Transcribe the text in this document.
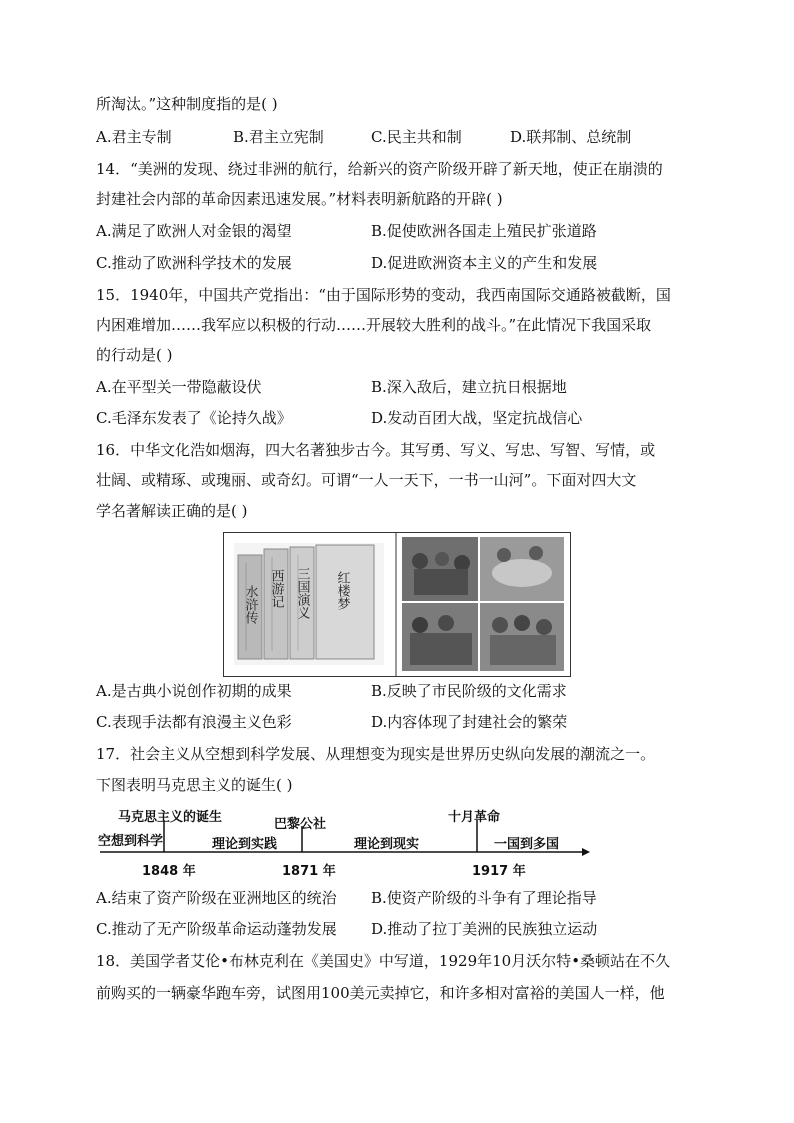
所淘汰。”这种制度指的是( )
A.君主专制	B.君主立宪制	C.民主共和制	D.联邦制、总统制
14．“美洲的发现、绕过非洲的航行，给新兴的资产阶级开辟了新天地，使正在崩溃的
封建社会内部的革命因素迅速发展。”材料表明新航路的开辟( )
A.满足了欧洲人对金银的渴望	B.促使欧洲各国走上殖民扩张道路
C.推动了欧洲科学技术的发展	D.促进欧洲资本主义的产生和发展
15．1940年，中国共产党指出：“由于国际形势的变动，我西南国际交通路被截断，国
内困难增加……我军应以积极的行动……开展较大胜利的战斗。”在此情况下我国采取
的行动是( )
A.在平型关一带隐蔽设伏	B.深入敌后，建立抗日根据地
C.毛泽东发表了《论持久战》	D.发动百团大战，坚定抗战信心
16．中华文化浩如烟海，四大名著独步古今。其写勇、写义、写忠、写智、写情，或
壮阔、或精琢、或瑰丽、或奇幻。可谓“一人一天下，一书一山河”。下面对四大文
学名著解读正确的是( )
水浒传 西游记 三国演义 红楼梦
A.是古典小说创作初期的成果	B.反映了市民阶级的文化需求
C.表现手法都有浪漫主义色彩	D.内容体现了封建社会的繁荣
17．社会主义从空想到科学发展、从理想变为现实是世界历史纵向发展的潮流之一。
下图表明马克思主义的诞生( )
马克思主义的诞生	巴黎公社	十月革命
空想到科学	理论到实践	理论到现实	一国到多国
1848 年	1871 年	1917 年
A.结束了资产阶级在亚洲地区的统治 B.使资产阶级的斗争有了理论指导
C.推动了无产阶级革命运动蓬勃发展 D.推动了拉丁美洲的民族独立运动
18．美国学者艾伦•布林克利在《美国史》中写道，1929年10月沃尔特•桑顿站在不久
前购买的一辆豪华跑车旁，试图用100美元卖掉它，和许多相对富裕的美国人一样，他
